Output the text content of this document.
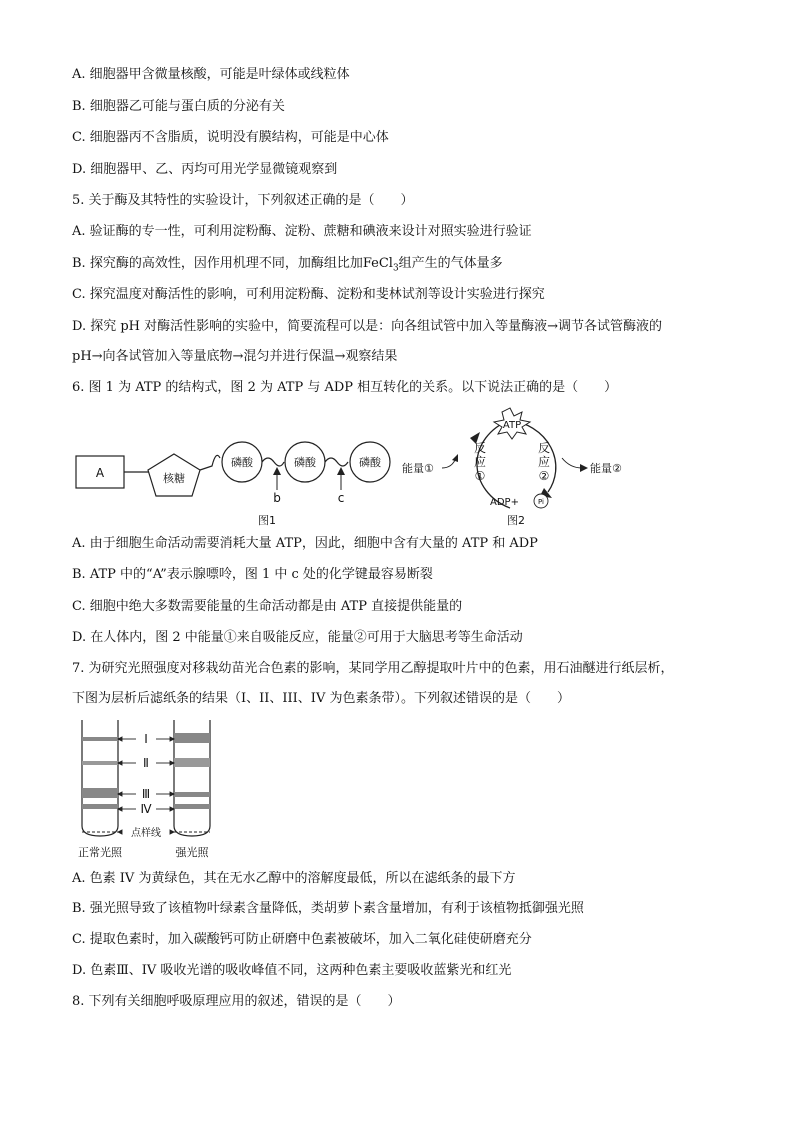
A. 细胞器甲含微量核酸，可能是叶绿体或线粒体
B. 细胞器乙可能与蛋白质的分泌有关
C. 细胞器丙不含脂质，说明没有膜结构，可能是中心体
D. 细胞器甲、乙、丙均可用光学显微镜观察到
5. 关于酶及其特性的实验设计，下列叙述正确的是（　　）
A. 验证酶的专一性，可利用淀粉酶、淀粉、蔗糖和碘液来设计对照实验进行验证
B. 探究酶的高效性，因作用机理不同，加酶组比加FeCl$_3$组产生的气体量多
C. 探究温度对酶活性的影响，可利用淀粉酶、淀粉和斐林试剂等设计实验进行探究
D. 探究 pH 对酶活性影响的实验中，简要流程可以是：向各组试管中加入等量酶液→调节各试管酶液的
pH→向各试管加入等量底物→混匀并进行保温→观察结果
6. 图 1 为 ATP 的结构式，图 2 为 ATP 与 ADP 相互转化的关系。以下说法正确的是（　　）
A	核糖
磷酸	磷酸	磷酸
b	c
图1
ATP
反
应
①
反
应
②
能量①	能量②
ADP+	Pi
图2
A. 由于细胞生命活动需要消耗大量 ATP，因此，细胞中含有大量的 ATP 和 ADP
B. ATP 中的“A”表示腺嘌呤，图 1 中 c 处的化学键最容易断裂
C. 细胞中绝大多数需要能量的生命活动都是由 ATP 直接提供能量的
D. 在人体内，图 2 中能量①来自吸能反应，能量②可用于大脑思考等生命活动
7. 为研究光照强度对移栽幼苗光合色素的影响，某同学用乙醇提取叶片中的色素，用石油醚进行纸层析，
下图为层析后滤纸条的结果（I、II、III、IV 为色素条带）。下列叙述错误的是（　　）
Ⅰ
Ⅱ
Ⅲ
Ⅳ
点样线
正常光照	强光照
A. 色素 IV 为黄绿色，其在无水乙醇中的溶解度最低，所以在滤纸条的最下方
B. 强光照导致了该植物叶绿素含量降低，类胡萝卜素含量增加，有利于该植物抵御强光照
C. 提取色素时，加入碳酸钙可防止研磨中色素被破坏，加入二氧化硅使研磨充分
D. 色素Ⅲ、IV 吸收光谱的吸收峰值不同，这两种色素主要吸收蓝紫光和红光
8. 下列有关细胞呼吸原理应用的叙述，错误的是（　　）
